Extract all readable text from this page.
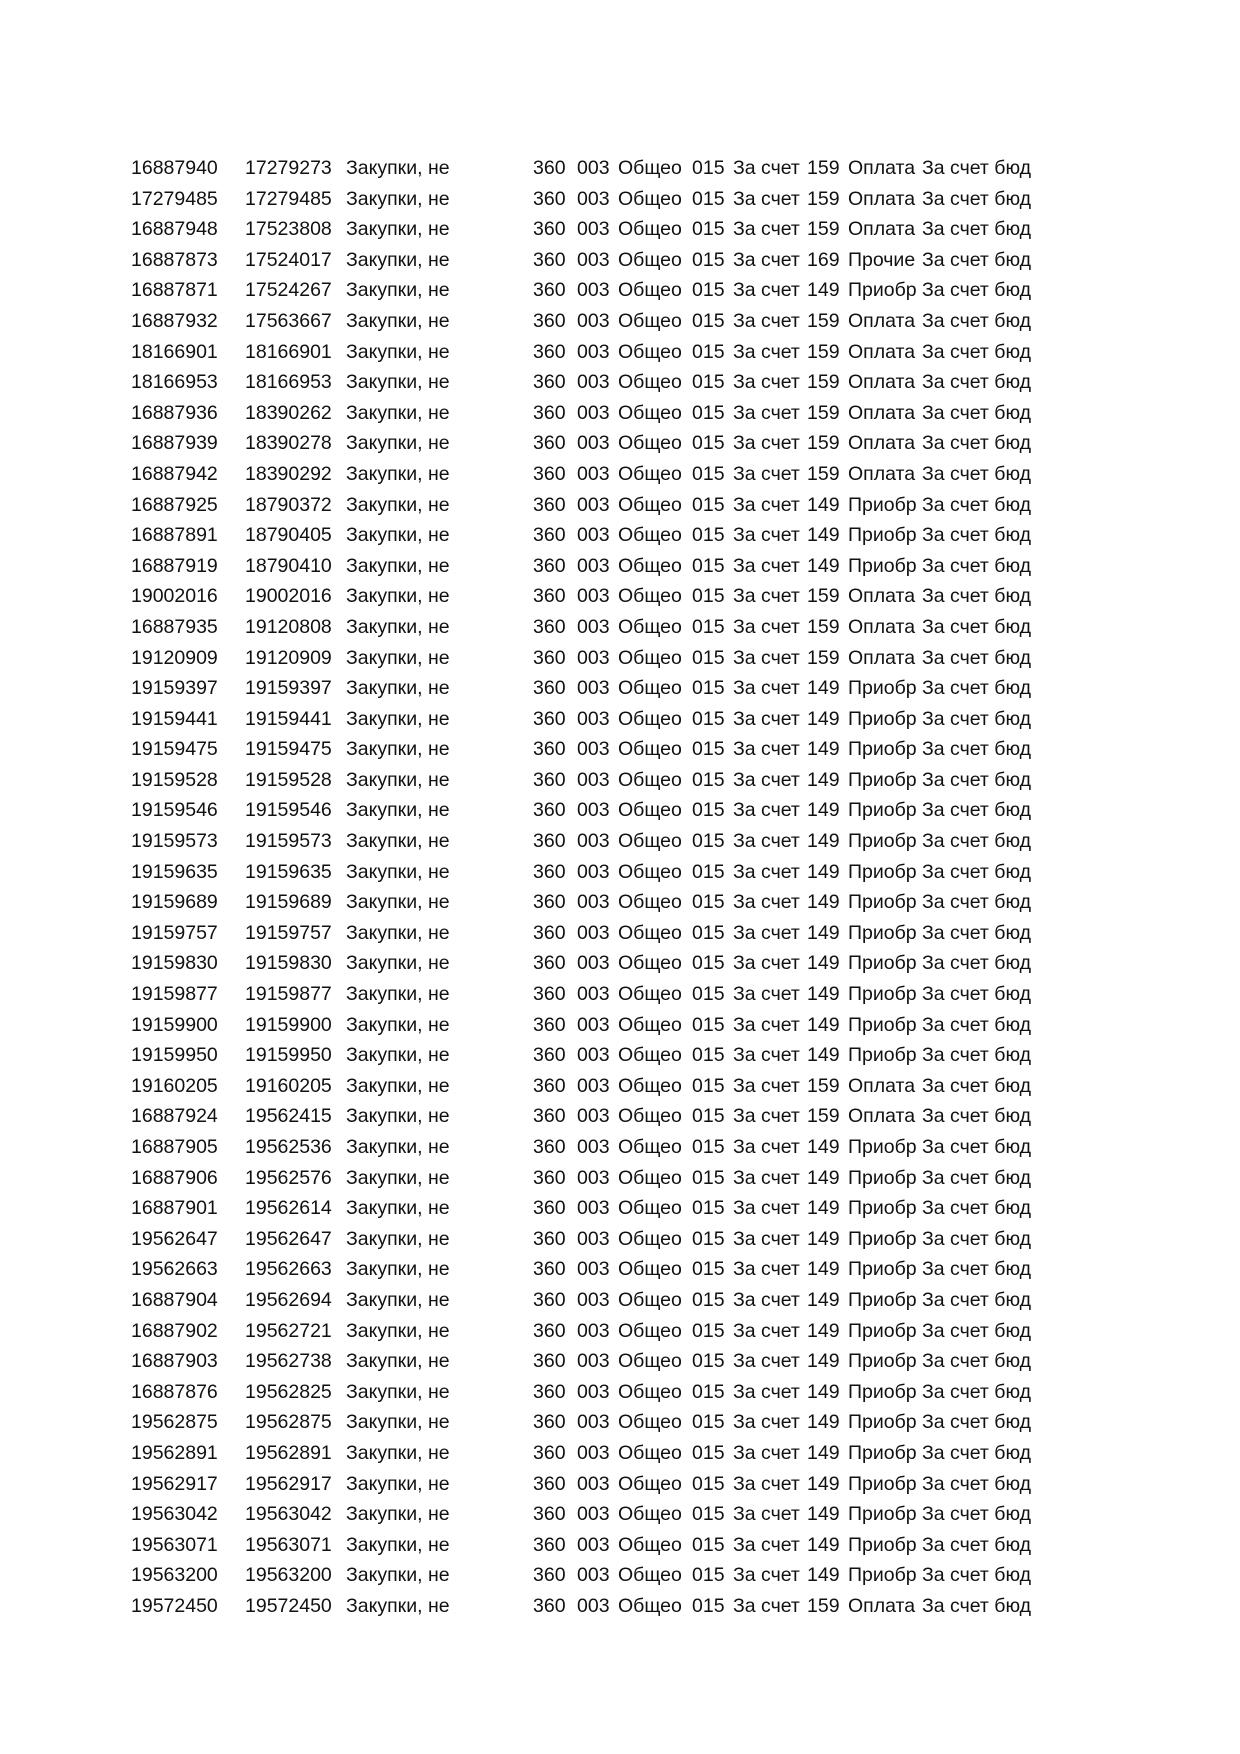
16887940	17279273 Закупки, не	360 003 Общео 015 За счет 159 Оплата За счет бюд
17279485	17279485 Закупки, не	360 003 Общео 015 За счет 159 Оплата За счет бюд
16887948	17523808 Закупки, не	360 003 Общео 015 За счет 159 Оплата За счет бюд
16887873	17524017 Закупки, не	360 003 Общео 015 За счет 169 Прочие За счет бюд
16887871	17524267 Закупки, не	360 003 Общео 015 За счет 149 Приобр За счет бюд
16887932	17563667 Закупки, не	360 003 Общео 015 За счет 159 Оплата За счет бюд
18166901	18166901 Закупки, не	360 003 Общео 015 За счет 159 Оплата За счет бюд
18166953	18166953 Закупки, не	360 003 Общео 015 За счет 159 Оплата За счет бюд
16887936	18390262 Закупки, не	360 003 Общео 015 За счет 159 Оплата За счет бюд
16887939	18390278 Закупки, не	360 003 Общео 015 За счет 159 Оплата За счет бюд
16887942	18390292 Закупки, не	360 003 Общео 015 За счет 159 Оплата За счет бюд
16887925	18790372 Закупки, не	360 003 Общео 015 За счет 149 Приобр За счет бюд
16887891	18790405 Закупки, не	360 003 Общео 015 За счет 149 Приобр За счет бюд
16887919	18790410 Закупки, не	360 003 Общео 015 За счет 149 Приобр За счет бюд
19002016	19002016 Закупки, не	360 003 Общео 015 За счет 159 Оплата За счет бюд
16887935	19120808 Закупки, не	360 003 Общео 015 За счет 159 Оплата За счет бюд
19120909	19120909 Закупки, не	360 003 Общео 015 За счет 159 Оплата За счет бюд
19159397	19159397 Закупки, не	360 003 Общео 015 За счет 149 Приобр За счет бюд
19159441	19159441 Закупки, не	360 003 Общео 015 За счет 149 Приобр За счет бюд
19159475	19159475 Закупки, не	360 003 Общео 015 За счет 149 Приобр За счет бюд
19159528	19159528 Закупки, не	360 003 Общео 015 За счет 149 Приобр За счет бюд
19159546	19159546 Закупки, не	360 003 Общео 015 За счет 149 Приобр За счет бюд
19159573	19159573 Закупки, не	360 003 Общео 015 За счет 149 Приобр За счет бюд
19159635	19159635 Закупки, не	360 003 Общео 015 За счет 149 Приобр За счет бюд
19159689	19159689 Закупки, не	360 003 Общео 015 За счет 149 Приобр За счет бюд
19159757	19159757 Закупки, не	360 003 Общео 015 За счет 149 Приобр За счет бюд
19159830	19159830 Закупки, не	360 003 Общео 015 За счет 149 Приобр За счет бюд
19159877	19159877 Закупки, не	360 003 Общео 015 За счет 149 Приобр За счет бюд
19159900	19159900 Закупки, не	360 003 Общео 015 За счет 149 Приобр За счет бюд
19159950	19159950 Закупки, не	360 003 Общео 015 За счет 149 Приобр За счет бюд
19160205	19160205 Закупки, не	360 003 Общео 015 За счет 159 Оплата За счет бюд
16887924	19562415 Закупки, не	360 003 Общео 015 За счет 159 Оплата За счет бюд
16887905	19562536 Закупки, не	360 003 Общео 015 За счет 149 Приобр За счет бюд
16887906	19562576 Закупки, не	360 003 Общео 015 За счет 149 Приобр За счет бюд
16887901	19562614 Закупки, не	360 003 Общео 015 За счет 149 Приобр За счет бюд
19562647	19562647 Закупки, не	360 003 Общео 015 За счет 149 Приобр За счет бюд
19562663	19562663 Закупки, не	360 003 Общео 015 За счет 149 Приобр За счет бюд
16887904	19562694 Закупки, не	360 003 Общео 015 За счет 149 Приобр За счет бюд
16887902	19562721 Закупки, не	360 003 Общео 015 За счет 149 Приобр За счет бюд
16887903	19562738 Закупки, не	360 003 Общео 015 За счет 149 Приобр За счет бюд
16887876	19562825 Закупки, не	360 003 Общео 015 За счет 149 Приобр За счет бюд
19562875	19562875 Закупки, не	360 003 Общео 015 За счет 149 Приобр За счет бюд
19562891	19562891 Закупки, не	360 003 Общео 015 За счет 149 Приобр За счет бюд
19562917	19562917 Закупки, не	360 003 Общео 015 За счет 149 Приобр За счет бюд
19563042	19563042 Закупки, не	360 003 Общео 015 За счет 149 Приобр За счет бюд
19563071	19563071 Закупки, не	360 003 Общео 015 За счет 149 Приобр За счет бюд
19563200	19563200 Закупки, не	360 003 Общео 015 За счет 149 Приобр За счет бюд
19572450	19572450 Закупки, не	360 003 Общео 015 За счет 159 Оплата За счет бюд
